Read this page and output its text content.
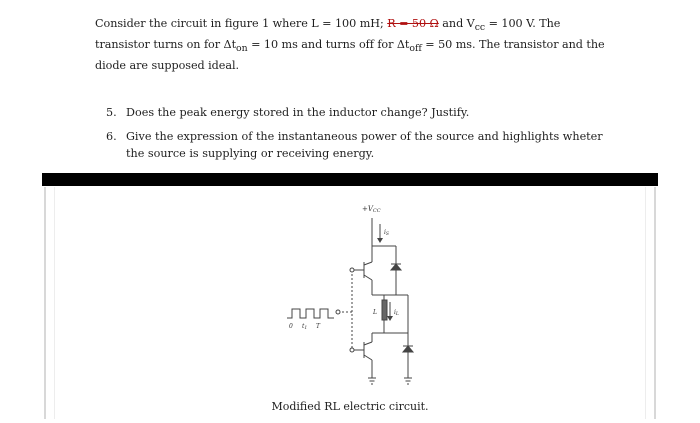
Consider the circuit in figure 1 where L = 100 mH; R = 50 Ω and $V_{cc} = 100$ V. The transistor turns on for $\Delta t_{on} = 10$ ms and turns off for $\Delta t_{off} = 50$ ms. The transistor and the diode are supposed ideal.

5. Does the peak energy stored in the inductor change? Justify.
6. Give the expression of the instantaneous power of the source and highlights wheter the source is supplying or receiving energy.
+VCC
iS
L	iL
0 t1 T
Modified RL electric circuit.
